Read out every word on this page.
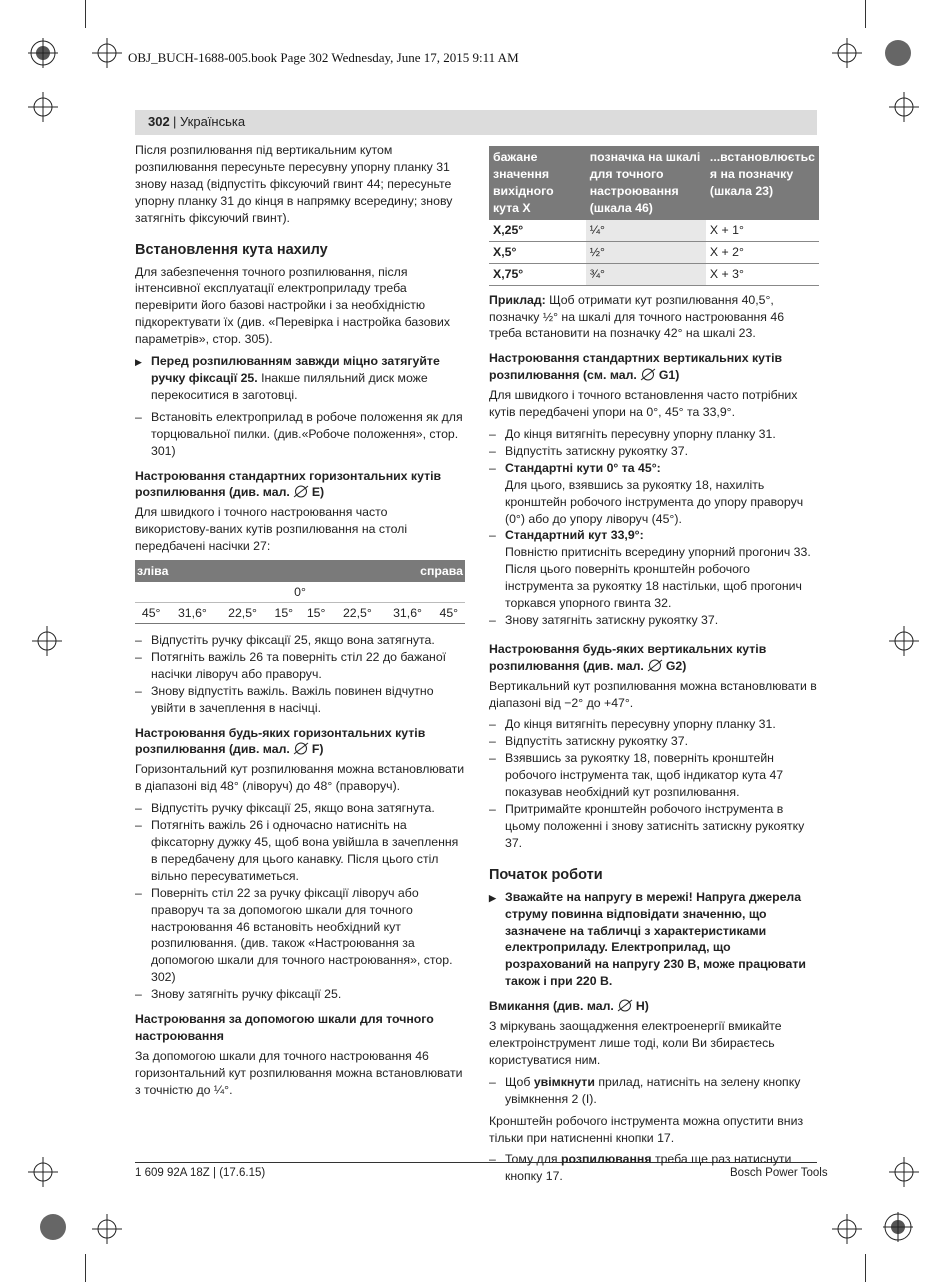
OBJ_BUCH-1688-005.book Page 302 Wednesday, June 17, 2015 9:11 AM
302 | Українська

Після розпилювання під вертикальним кутом розпилювання пересуньте пересувну упорну планку 31 знову назад (відпустіть фіксуючий гвинт 44; пересуньте упорну планку 31 до кінця в напрямку всередину; знову затягніть фіксуючий гвинт).

Встановлення кута нахилу

Для забезпечення точного розпилювання, після інтенсивної експлуатації електроприладу треба перевірити його базові настройки і за необхідністю підкоректувати їх (див. «Перевірка і настройка базових параметрів», стор. 305).

▶ Перед розпилюванням завжди міцно затягуйте ручку фіксації 25. Інакше пиляльний диск може перекоситися в заготовці.
– Встановіть електроприлад в робоче положення як для торцювальної пилки. (див.«Робоче положення», стор. 301)
Настроювання стандартних горизонтальних кутів розпилювання (див. мал. E)

Для швидкого і точного настроювання часто використову-ваних кутів розпилювання на столі передбачені насічки 27:

зліва				справа			
0°							
45°	31,6°	22,5°	15°	15°	22,5°	31,6°	45°
– Відпустіть ручку фіксації 25, якщо вона затягнута.
– Потягніть важіль 26 та поверніть стіл 22 до бажаної насічки ліворуч або праворуч.
– Знову відпустіть важіль. Важіль повинен відчутно увійти в зачеплення в насічці.
Настроювання будь-яких горизонтальних кутів розпилювання (див. мал. F)

Горизонтальний кут розпилювання можна встановлювати в діапазоні від 48° (ліворуч) до 48° (праворуч).

– Відпустіть ручку фіксації 25, якщо вона затягнута.
– Потягніть важіль 26 і одночасно натисніть на фіксаторну дужку 45, щоб вона увійшла в зачеплення в передбачену для цього канавку. Після цього стіл вільно пересуватиметься.
– Поверніть стіл 22 за ручку фіксації ліворуч або праворуч та за допомогою шкали для точного настроювання 46 встановіть необхідний кут розпилювання. (див. також «Настроювання за допомогою шкали для точного настроювання», стор. 302)
– Знову затягніть ручку фіксації 25.
Настроювання за допомогою шкали для точного настроювання

За допомогою шкали для точного настроювання 46 горизонтальний кут розпилювання можна встановлювати з точністю до ¼°.

бажане значення вихідного кута X	позначка на шкалі для точного настроювання (шкала 46)	...встановлюєтьс я на позначку (шкала 23)
X,25°	¼°	X + 1°
X,5°	½°	X + 2°
X,75°	¾°	X + 3°

Приклад: Щоб отримати кут розпилювання 40,5°, позначку ½° на шкалі для точного настроювання 46 треба встановити на позначку 42° на шкалі 23.

Настроювання стандартних вертикальних кутів розпилювання (см. мал. G1)

Для швидкого і точного встановлення часто потрібних кутів передбачені упори на 0°, 45° та 33,9°.

– До кінця витягніть пересувну упорну планку 31.
– Відпустіть затискну рукоятку 37.
– Стандартні кути 0° та 45°:
Для цього, взявшись за рукоятку 18, нахиліть кронштейн робочого інструмента до упору праворуч (0°) або до упору ліворуч (45°).
– Стандартний кут 33,9°:
Повністю притисніть всередину упорний прогонич 33. Після цього поверніть кронштейн робочого інструмента за рукоятку 18 настільки, щоб прогонич торкався упорного гвинта 32.
– Знову затягніть затискну рукоятку 37.
Настроювання будь-яких вертикальних кутів розпилювання (див. мал. G2)

Вертикальний кут розпилювання можна встановлювати в діапазоні від −2° до +47°.

– До кінця витягніть пересувну упорну планку 31.
– Відпустіть затискну рукоятку 37.
– Взявшись за рукоятку 18, поверніть кронштейн робочого інструмента так, щоб індикатор кута 47 показував необхідний кут розпилювання.
– Притримайте кронштейн робочого інструмента в цьому положенні і знову затисніть затискну рукоятку 37.
Початок роботи
▶ Зважайте на напругу в мережі! Напруга джерела струму повинна відповідати значенню, що зазначене на табличці з характеристиками електроприладу. Електроприлад, що розрахований на напругу 230 В, може працювати також і при 220 В.
Вмикання (див. мал. H)

З міркувань заощадження електроенергії вмикайте електроінструмент лише тоді, коли Ви збираєтесь користуватися ним.

– Щоб увімкнути прилад, натисніть на зелену кнопку увімкнення 2 (I).

Кронштейн робочого інструмента можна опустити вниз тільки при натисненні кнопки 17.

– Тому для розпилювання треба ще раз натиснути кнопку 17.
1 609 92A 18Z | (17.6.15)	Bosch Power Tools
